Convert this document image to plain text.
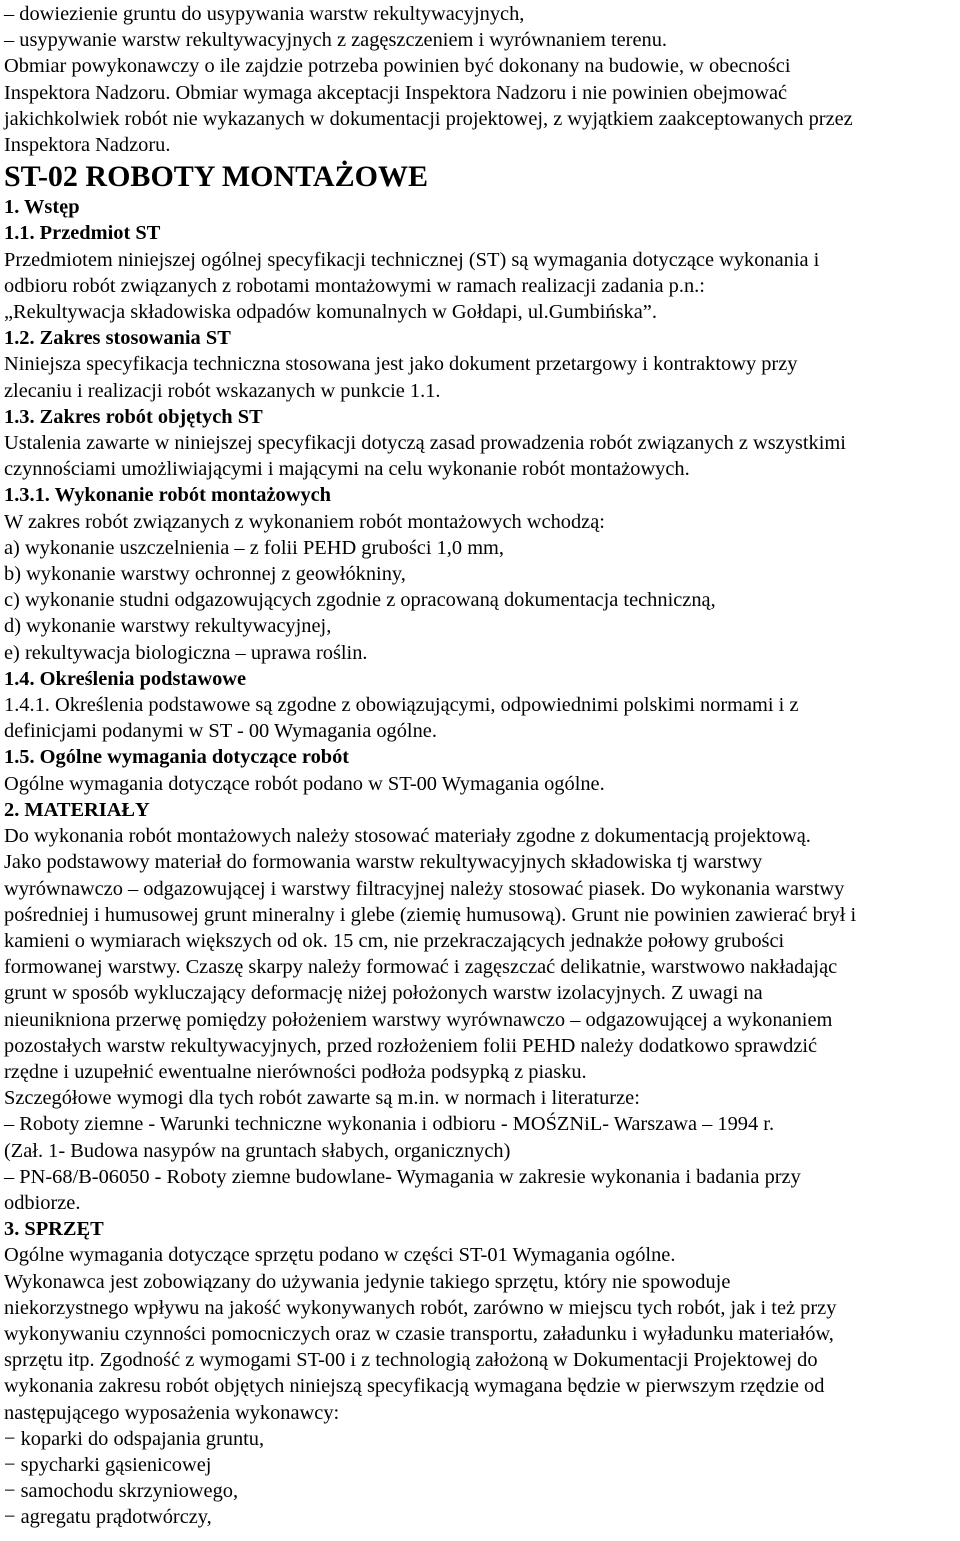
– dowiezienie gruntu do usypywania warstw rekultywacyjnych,
– usypywanie warstw rekultywacyjnych z zagęszczeniem i wyrównaniem terenu.
Obmiar powykonawczy o ile zajdzie potrzeba powinien być dokonany na budowie, w obecności
Inspektora Nadzoru. Obmiar wymaga akceptacji Inspektora Nadzoru i nie powinien obejmować
jakichkolwiek robót nie wykazanych w dokumentacji projektowej, z wyjątkiem zaakceptowanych przez
Inspektora Nadzoru.
ST-02 ROBOTY MONTAŻOWE
1. Wstęp
1.1. Przedmiot ST
Przedmiotem niniejszej ogólnej specyfikacji technicznej (ST) są wymagania dotyczące wykonania i
odbioru robót związanych z robotami montażowymi w ramach realizacji zadania p.n.:
„Rekultywacja składowiska odpadów komunalnych w Gołdapi, ul.Gumbińska”.
1.2. Zakres stosowania ST
Niniejsza specyfikacja techniczna stosowana jest jako dokument przetargowy i kontraktowy przy
zlecaniu i realizacji robót wskazanych w punkcie 1.1.
1.3. Zakres robót objętych ST
Ustalenia zawarte w niniejszej specyfikacji dotyczą zasad prowadzenia robót związanych z wszystkimi
czynnościami umożliwiającymi i mającymi na celu wykonanie robót montażowych.
1.3.1. Wykonanie robót montażowych
W zakres robót związanych z wykonaniem robót montażowych wchodzą:
a) wykonanie uszczelnienia – z folii PEHD grubości 1,0 mm,
b) wykonanie warstwy ochronnej z geowłókniny,
c) wykonanie studni odgazowujących zgodnie z opracowaną dokumentacja techniczną,
d) wykonanie warstwy rekultywacyjnej,
e) rekultywacja biologiczna – uprawa roślin.
1.4. Określenia podstawowe
1.4.1. Określenia podstawowe są zgodne z obowiązującymi, odpowiednimi polskimi normami i z
definicjami podanymi w ST - 00 Wymagania ogólne.
1.5. Ogólne wymagania dotyczące robót
Ogólne wymagania dotyczące robót podano w ST-00 Wymagania ogólne.
2. MATERIAŁY
Do wykonania robót montażowych należy stosować materiały zgodne z dokumentacją projektową.
Jako podstawowy materiał do formowania warstw rekultywacyjnych składowiska tj warstwy
wyrównawczo – odgazowującej i warstwy filtracyjnej należy stosować piasek. Do wykonania warstwy
pośredniej i humusowej grunt mineralny i glebe (ziemię humusową). Grunt nie powinien zawierać brył i
kamieni o wymiarach większych od ok. 15 cm, nie przekraczających jednakże połowy grubości
formowanej warstwy. Czaszę skarpy należy formować i zagęszczać delikatnie, warstwowo nakładając
grunt w sposób wykluczający deformację niżej położonych warstw izolacyjnych. Z uwagi na
nieunikniona przerwę pomiędzy położeniem warstwy wyrównawczo – odgazowującej a wykonaniem
pozostałych warstw rekultywacyjnych, przed rozłożeniem folii PEHD należy dodatkowo sprawdzić
rzędne i uzupełnić ewentualne nierówności podłoża podsypką z piasku.
Szczegółowe wymogi dla tych robót zawarte są m.in. w normach i literaturze:
– Roboty ziemne - Warunki techniczne wykonania i odbioru - MOŚZNiL- Warszawa – 1994 r.
(Zał. 1- Budowa nasypów na gruntach słabych, organicznych)
– PN-68/B-06050 - Roboty ziemne budowlane- Wymagania w zakresie wykonania i badania przy
odbiorze.
3. SPRZĘT
Ogólne wymagania dotyczące sprzętu podano w części ST-01 Wymagania ogólne.
Wykonawca jest zobowiązany do używania jedynie takiego sprzętu, który nie spowoduje
niekorzystnego wpływu na jakość wykonywanych robót, zarówno w miejscu tych robót, jak i też przy
wykonywaniu czynności pomocniczych oraz w czasie transportu, załadunku i wyładunku materiałów,
sprzętu itp. Zgodność z wymogami ST-00 i z technologią założoną w Dokumentacji Projektowej do
wykonania zakresu robót objętych niniejszą specyfikacją wymagana będzie w pierwszym rzędzie od
następującego wyposażenia wykonawcy:
− koparki do odspajania gruntu,
− spycharki gąsienicowej
− samochodu skrzyniowego,
− agregatu prądotwórczy,
